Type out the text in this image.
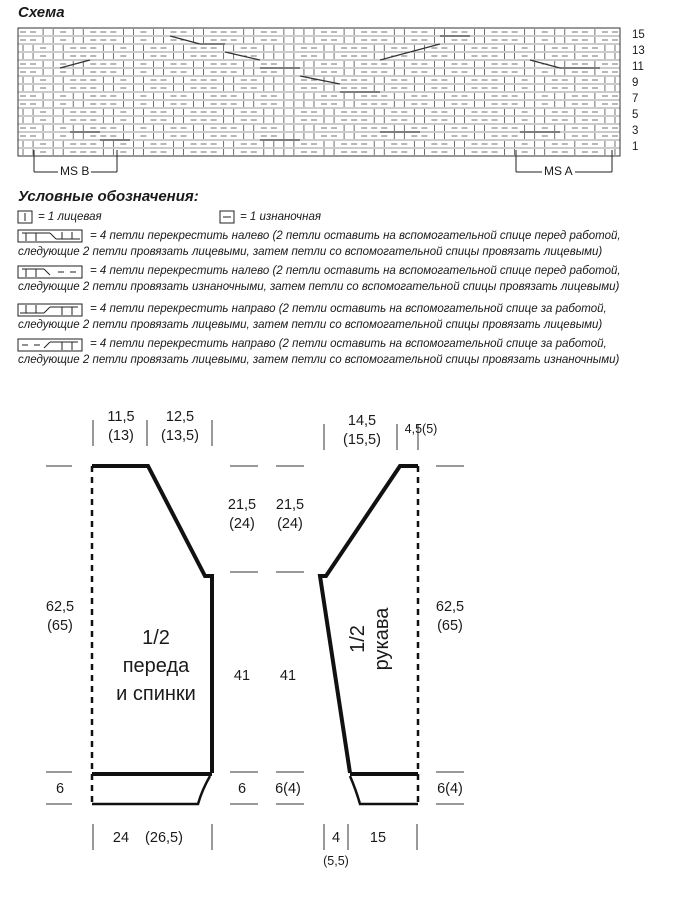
Схема
15
13
11
9
7
5
3
1
MS B	MS A
Условные обозначения:
= 1 лицевая	= 1 изнаночная
= 4 петли перекрестить налево (2 петли оставить на вспомогательной спице перед работой,
следующие 2 петли провязать лицевыми, затем петли со вспомогательной спицы провязать лицевыми)
= 4 петли перекрестить налево (2 петли оставить на вспомогательной спице перед работой,
следующие 2 петли провязать изнаночными, затем петли со вспомогательной спицы провязать лицевыми)
= 4 петли перекрестить направо (2 петли оставить на вспомогательной спице за работой,
следующие 2 петли провязать лицевыми, затем петли со вспомогательной спицы провязать лицевыми)
= 4 петли перекрестить направо (2 петли оставить на вспомогательной спице за работой,
следующие 2 петли провязать лицевыми, затем петли со вспомогательной спицы провязать изнаночными)
11,5
(13)
12,5
(13,5)
62,5
(65)
21,5
(24)
41
6	6
24	(26,5)
1/2
переда
и спинки
21,5
(24)
41
6(4)
14,5
(15,5)
4,5(5)
62,5
(65)
6(4)
4
(5,5)
15
1/2 рукава
